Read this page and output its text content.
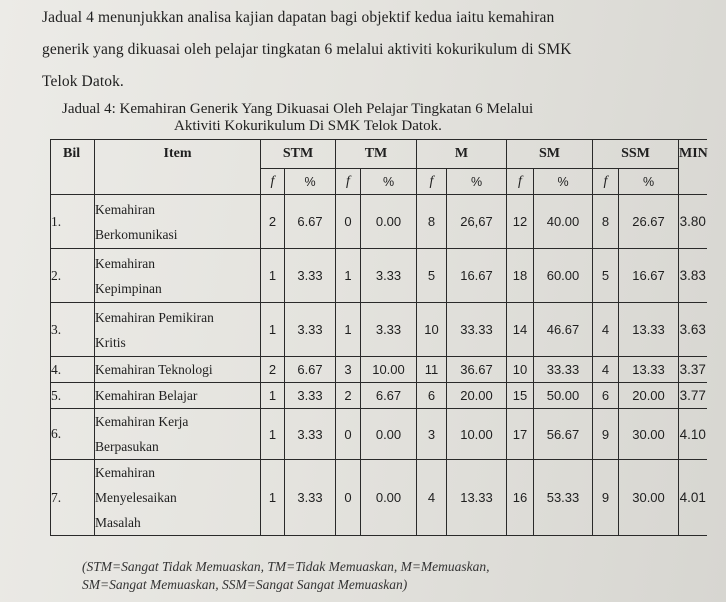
Jadual 4 menunjukkan analisa kajian dapatan bagi objektif kedua iaitu kemahiran

generik yang dikuasai oleh pelajar tingkatan 6 melalui aktiviti kokurikulum di SMK

Telok Datok.

Jadual 4: Kemahiran Generik Yang Dikuasai Oleh Pelajar Tingkatan 6 Melalui
Aktiviti Kokurikulum Di SMK Telok Datok.
Bil	Item	STM		TM		M		SM		SSM		MIN
		f	%	f	%	f	%	f	%	f	%	
1.	Kemahiran
Berkomunikasi	2	6.67	0	0.00	8	26,67	12	40.00	8	26.67	3.80
2.	Kemahiran
Kepimpinan	1	3.33	1	3.33	5	16.67	18	60.00	5	16.67	3.83
3.	Kemahiran Pemikiran
Kritis	1	3.33	1	3.33	10	33.33	14	46.67	4	13.33	3.63
4.	Kemahiran Teknologi	2	6.67	3	10.00	11	36.67	10	33.33	4	13.33	3.37
5.	Kemahiran Belajar	1	3.33	2	6.67	6	20.00	15	50.00	6	20.00	3.77
6.	Kemahiran Kerja
Berpasukan	1	3.33	0	0.00	3	10.00	17	56.67	9	30.00	4.10
7.	Kemahiran
Menyelesaikan
Masalah	1	3.33	0	0.00	4	13.33	16	53.33	9	30.00	4.01
(STM=Sangat Tidak Memuaskan, TM=Tidak Memuaskan, M=Memuaskan,
SM=Sangat Memuaskan, SSM=Sangat Sangat Memuaskan)
